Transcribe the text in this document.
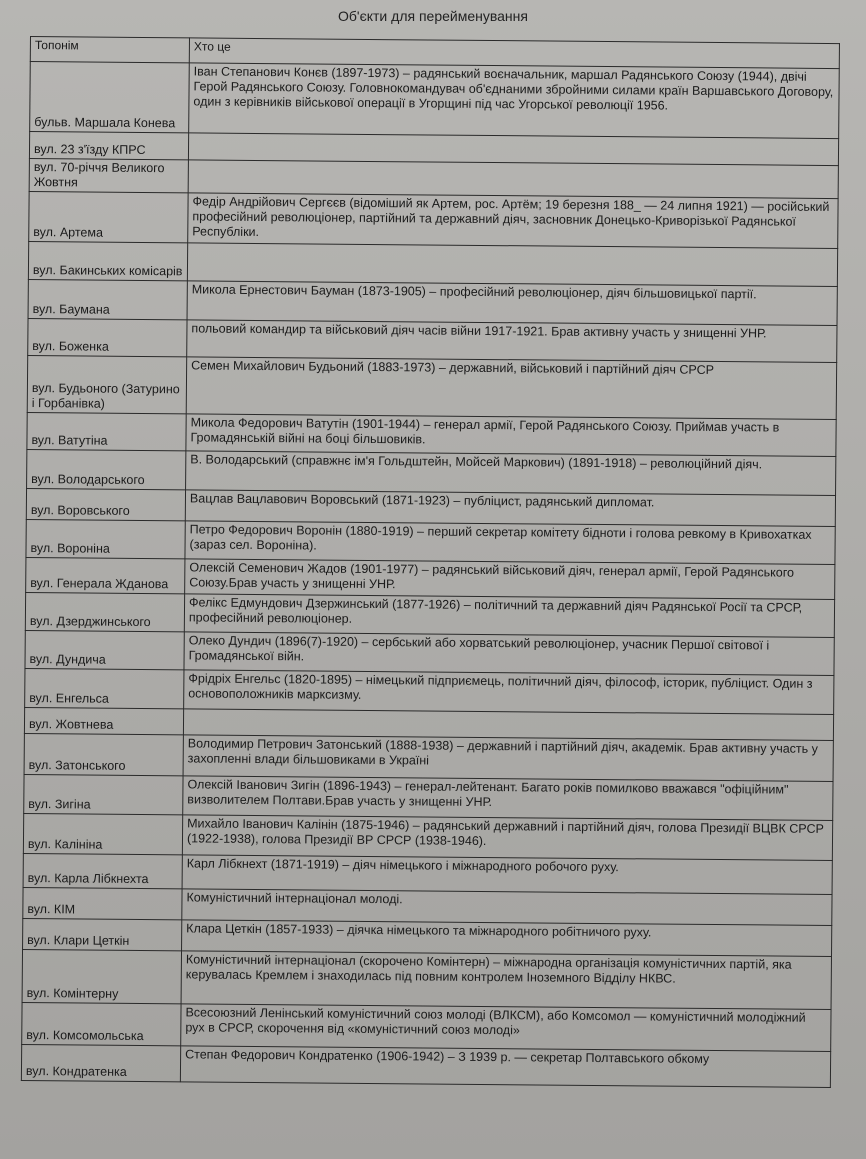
Об'єкти для перейменування
Топонім	Хто це
бульв. Маршала Конева	Іван Степанович Конєв (1897-1973) – радянський воєначальник, маршал Радянського Союзу (1944), двічі Герой Радянського Союзу. Головнокомандувач об'єднаними збройними силами країн Варшавського Договору, один з керівників військової операції в Угорщині під час Угорської революції 1956.
вул. 23 з'їзду КПРС	
вул. 70-річчя Великого Жовтня	
вул. Артема	Федір Андрійович Сергєєв (відоміший як Артем, рос. Артём; 19 березня 188_ — 24 липня 1921) — російський професійний революціонер, партійний та державний діяч, засновник Донецько-Криворізької Радянської Республіки.
вул. Бакинських комісарів	
вул. Баумана	Микола Ернестович Бауман (1873-1905) – професійний революціонер, діяч більшовицької партії.
вул. Боженка	польовий командир та військовий діяч часів війни 1917-1921. Брав активну участь у знищенні УНР.
вул. Будьоного (Затурино і Горбанівка)	Семен Михайлович Будьоний (1883-1973) – державний, військовий і партійний діяч СРСР
вул. Ватутіна	Микола Федорович Ватутін (1901-1944) – генерал армії, Герой Радянського Союзу. Приймав участь в Громадянській війні на боці більшовиків.
вул. Володарського	В. Володарський (справжнє ім'я Гольдштейн, Мойсей Маркович) (1891-1918) – революційний діяч.
вул. Воровського	Вацлав Вацлавович Воровський (1871-1923) – публіцист, радянський дипломат.
вул. Вороніна	Петро Федорович Воронін (1880-1919) – перший секретар комітету бідноти і голова ревкому в Кривохатках (зараз сел. Вороніна).
вул. Генерала Жданова	Олексій Семенович Жадов (1901-1977) – радянський військовий діяч, генерал армії, Герой Радянського Союзу.Брав участь у знищенні УНР.
вул. Дзерджинського	Фелікс Едмундович Дзержинський (1877-1926) – політичний та державний діяч Радянської Росії та СРСР, професійний революціонер.
вул. Дундича	Олеко Дундич (1896(7)-1920) – сербський або хорватський революціонер, учасник Першої світової і Громадянської війн.
вул. Енгельса	Фрідріх Енгельс (1820-1895) – німецький підприємець, політичний діяч, філософ, історик, публіцист. Один з основоположників марксизму.
вул. Жовтнева	
вул. Затонського	Володимир Петрович Затонський (1888-1938) – державний і партійний діяч, академік. Брав активну участь у захопленні влади більшовиками в Україні
вул. Зигіна	Олексій Іванович Зигін (1896-1943) – генерал-лейтенант. Багато років помилково вважався "офіційним" визволителем Полтави.Брав участь у знищенні УНР.
вул. Калініна	Михайло Іванович Калінін (1875-1946) – радянський державний і партійний діяч, голова Президії ВЦВК СРСР (1922-1938), голова Президії ВР СРСР (1938-1946).
вул. Карла Лібкнехта	Карл Лібкнехт (1871-1919) – діяч німецького і міжнародного робочого руху.
вул. КІМ	Комуністичний інтернаціонал молоді.
вул. Клари Цеткін	Клара Цеткін (1857-1933) – діячка німецького та міжнародного робітничого руху.
вул. Комінтерну	Комуністичний інтернаціонал (скорочено Комінтерн) – міжнародна організація комуністичних партій, яка керувалась Кремлем і знаходилась під повним контролем Іноземного Відділу НКВС.
вул. Комсомольська	Всесоюзний Ленінський комуністичний союз молоді (ВЛКСМ), або Комсомол — комуністичний молодіжний рух в СРСР, скорочення від «комуністичний союз молоді»
вул. Кондратенка	Степан Федорович Кондратенко (1906-1942) – З 1939 р. — секретар Полтавського обкому
